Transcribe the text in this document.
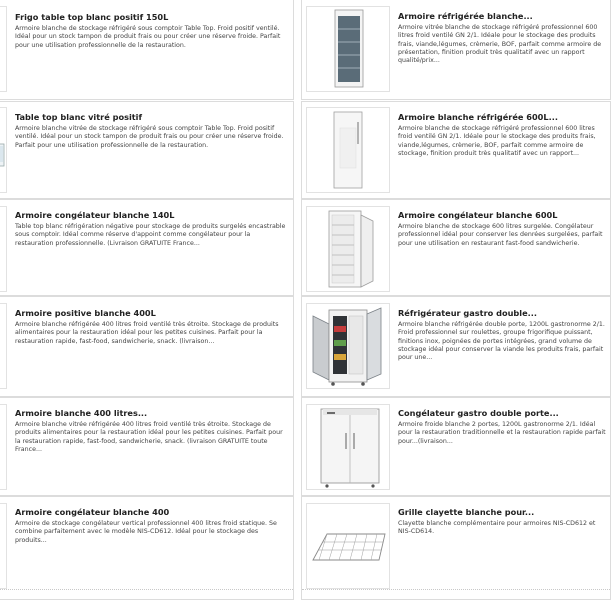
Frigo table top blanc positif 150L
Armoire blanche de stockage réfrigéré sous comptoir Table Top. Froid positif ventilé. Idéal pour un stock tampon de produit frais ou pour créer une réserve froide. Parfait pour une utilisation professionnelle de la restauration.
Table top blanc vitré positif
Armoire blanche vitrée de stockage réfrigéré sous comptoir Table Top. Froid positif ventilé. Idéal pour un stock tampon de produit frais ou pour créer une réserve froide. Parfait pour une utilisation professionnelle de la restauration.
Armoire congélateur blanche 140L
Table top blanc réfrigération négative pour stockage de produits surgelés encastrable sous comptoir. Idéal comme réserve d'appoint comme congélateur pour la restauration professionnelle. (Livraison GRATUITE France...
Armoire positive blanche 400L
Armoire blanche réfrigérée 400 litres froid ventilé très étroite. Stockage de produits alimentaires pour la restauration idéal pour les petites cuisines. Parfait pour la restauration rapide, fast-food, sandwicherie, snack. (livraison...
Armoire blanche 400 litres...
Armoire blanche vitrée réfrigérée 400 litres froid ventilé très étroite. Stockage de produits alimentaires pour la restauration idéal pour les petites cuisines. Parfait pour la restauration rapide, fast-food, sandwicherie, snack. (livraison GRATUITE toute France...
Armoire congélateur blanche 400
Armoire de stockage congélateur vertical professionnel 400 litres froid statique. Se combine parfaitement avec le modèle NIS-CD612. Idéal pour le stockage des produits...
Armoire réfrigérée blanche...
Armoire vitrée blanche de stockage réfrigéré professionnel 600 litres froid ventilé GN 2/1. Idéale pour le stockage des produits frais, viande,légumes, crèmerie, BOF, parfait comme armoire de présentation, finition produit très qualitatif avec un rapport qualité/prix...
Armoire blanche réfrigérée 600L...
Armoire blanche de stockage réfrigéré professionnel 600 litres froid ventilé GN 2/1. Idéale pour le stockage des produits frais, viande,légumes, crèmerie, BOF, parfait comme armoire de stockage, finition produit très qualitatif avec un rapport...
Armoire congélateur blanche 600L
Armoire blanche de stockage 600 litres surgelée. Congélateur professionnel idéal pour conserver les denrées surgelées, parfait pour une utilisation en restaurant fast-food sandwicherie.
Réfrigérateur gastro double...
Armoire blanche réfrigérée double porte, 1200L gastronorme 2/1. Froid professionnel sur roulettes, groupe frigorifique puissant, finitions inox, poignées de portes intégrées, grand volume de stockage idéal pour conserver la viande les produits frais, parfait pour une...
Congélateur gastro double porte...
Armoire froide blanche 2 portes, 1200L gastronorme 2/1. Idéal pour la restauration traditionnelle et la restauration rapide parfait pour...(livraison...
Grille clayette blanche pour...
Clayette blanche complémentaire pour armoires NIS-CD612 et NIS-CD614.
